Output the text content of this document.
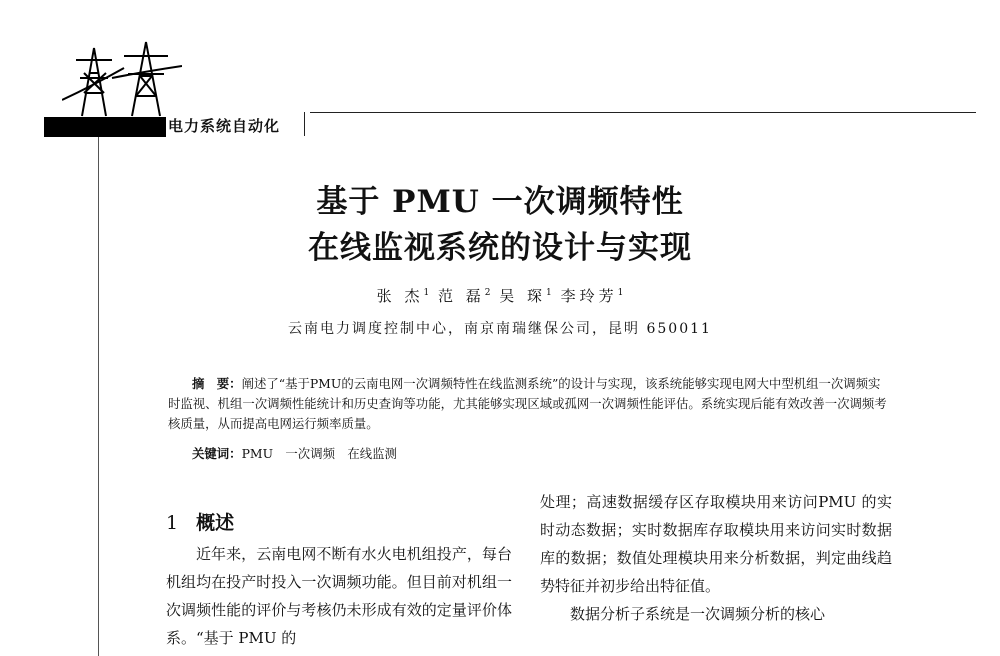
电力系统自动化
基于 PMU 一次调频特性
在线监视系统的设计与实现
张 杰$^1$ 范 磊$^2$ 吴 琛$^1$ 李玲芳$^1$
云南电力调度控制中心，南京南瑞继保公司，昆明 650011

摘　要：阐述了“基于PMU的云南电网一次调频特性在线监测系统”的设计与实现，该系统能够实现电网大中型机组一次调频实时监视、机组一次调频性能统计和历史查询等功能，尤其能够实现区域或孤网一次调频性能评估。系统实现后能有效改善一次调频考核质量，从而提高电网运行频率质量。

关键词：PMU　一次调频　在线监测
1 概述

近年来，云南电网不断有水火电机组投产，每台机组均在投产时投入一次调频功能。但目前对机组一次调频性能的评价与考核仍未形成有效的定量评价体系。“基于 PMU 的

处理；高速数据缓存区存取模块用来访问PMU 的实时动态数据；实时数据库存取模块用来访问实时数据库的数据；数值处理模块用来分析数据，判定曲线趋势特征并初步给出特征值。

数据分析子系统是一次调频分析的核心
